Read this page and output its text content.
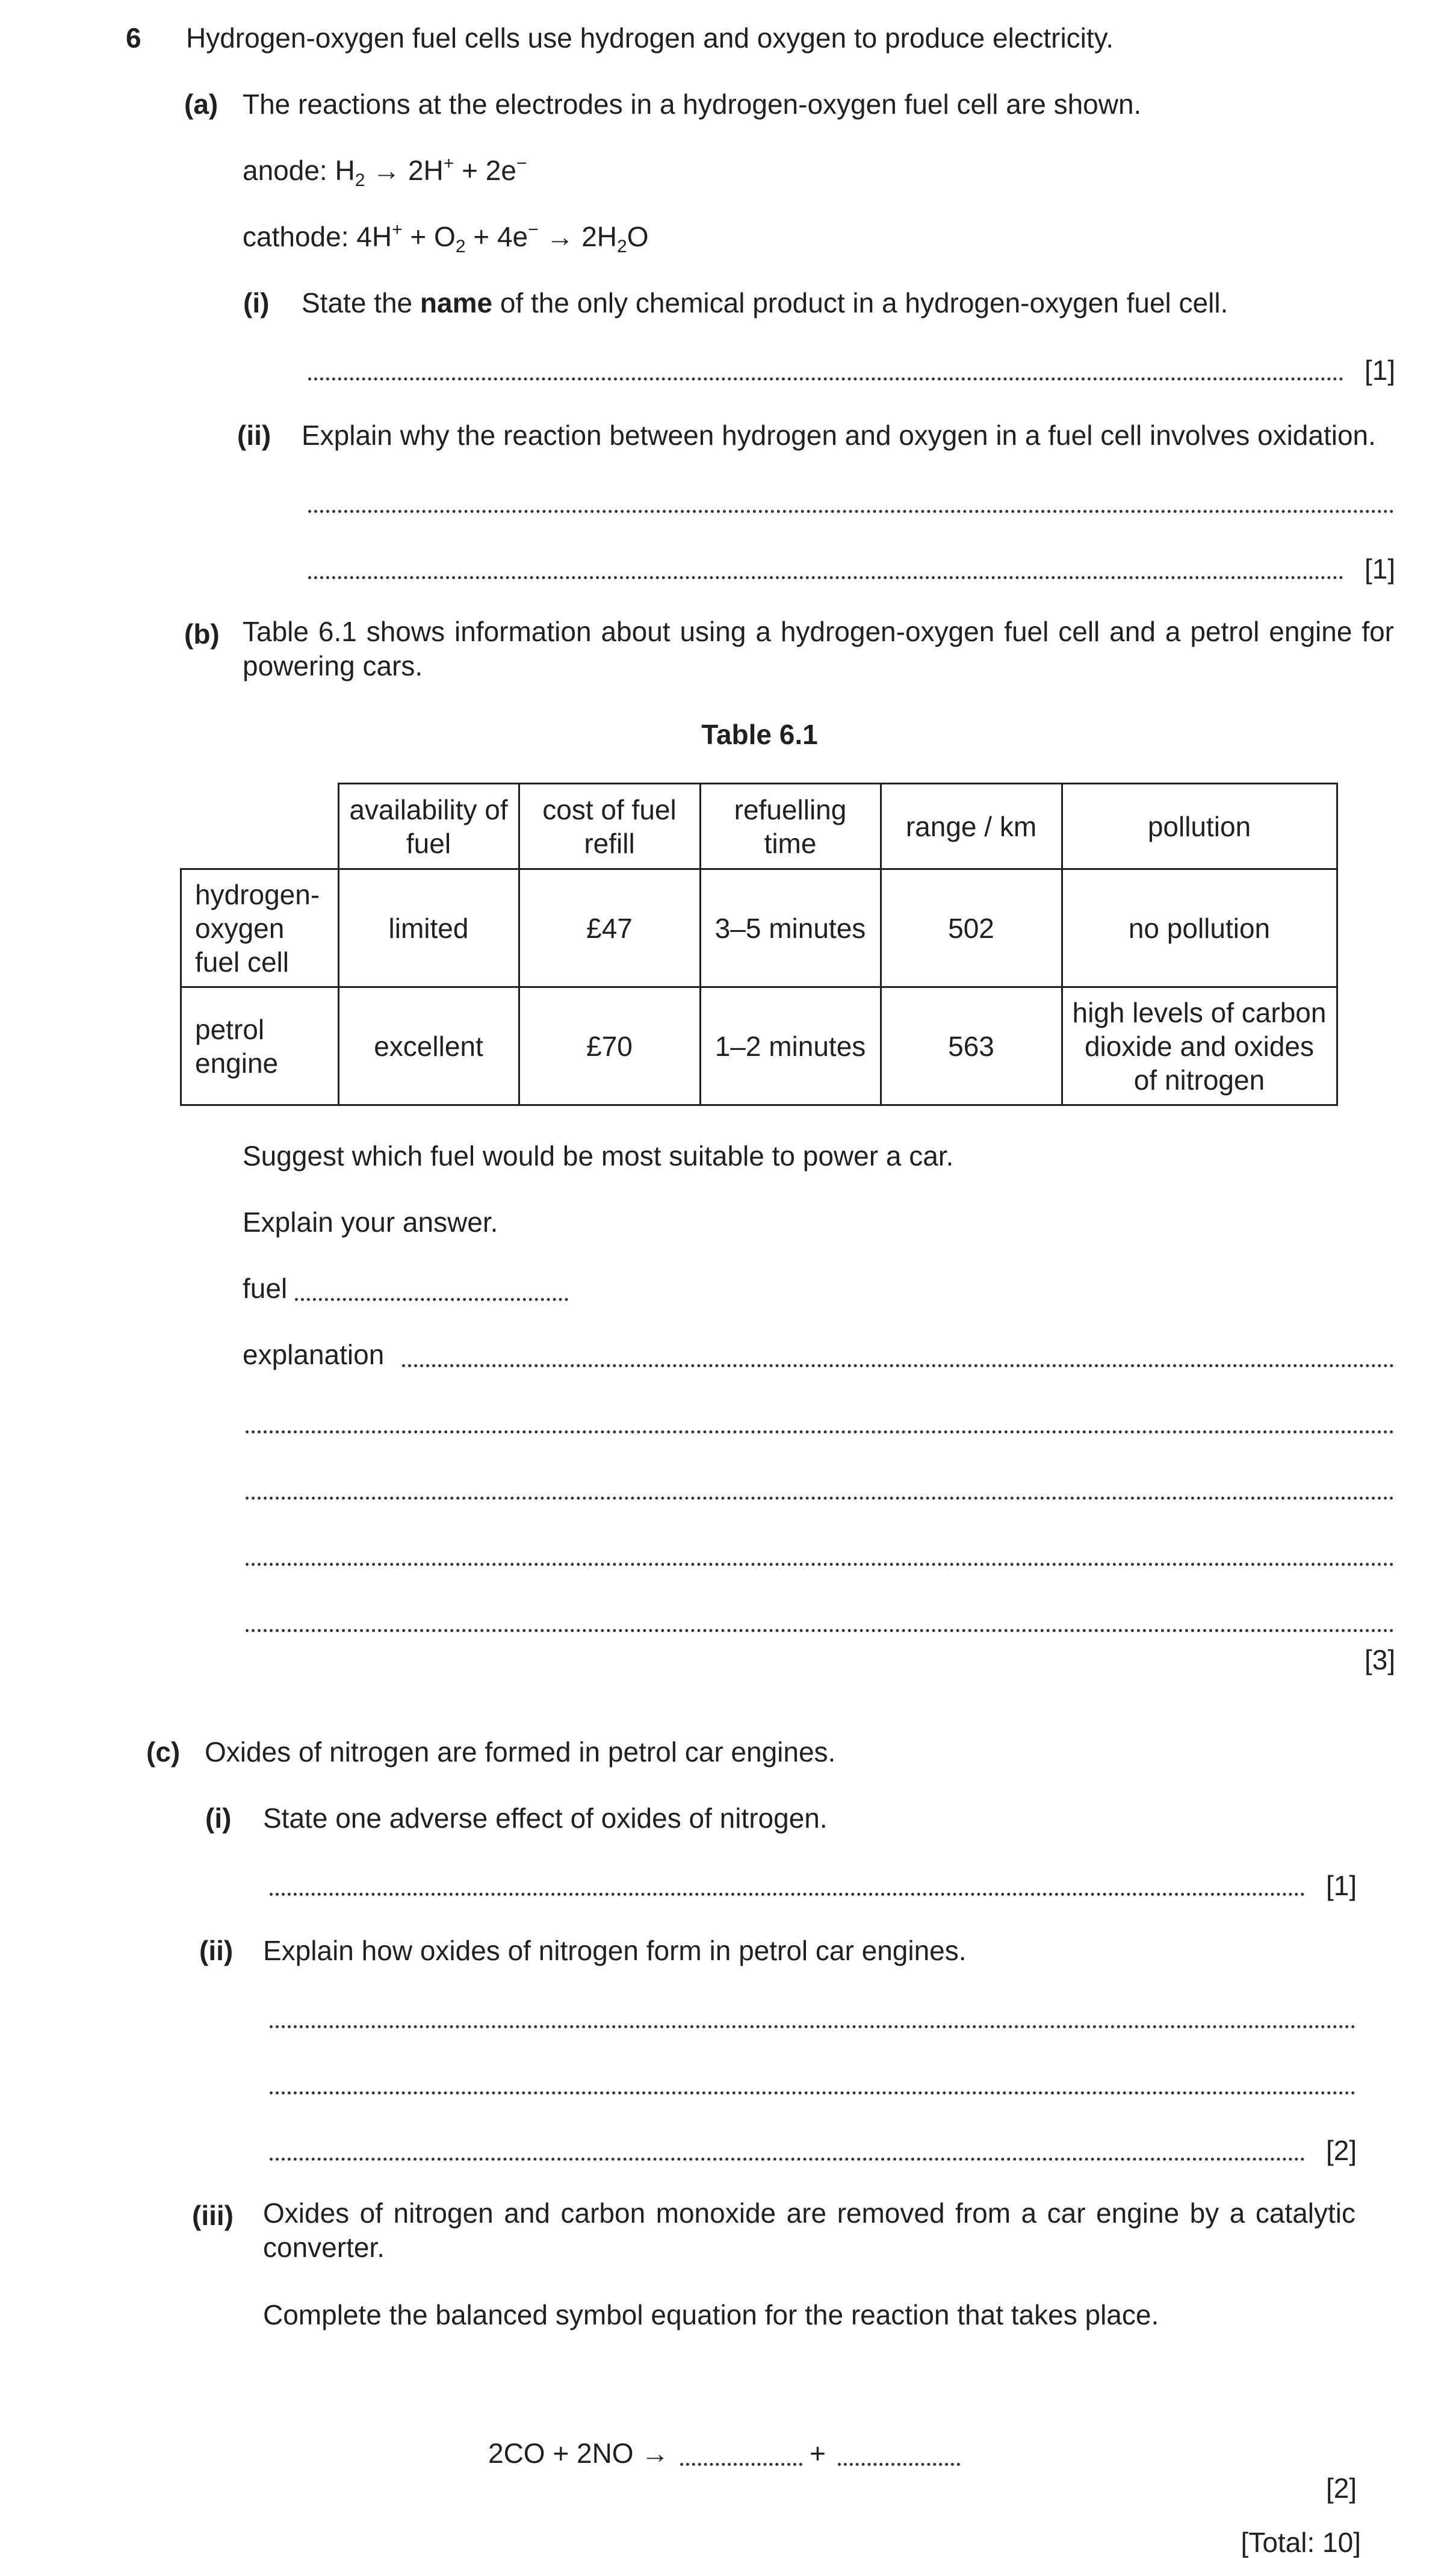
6 Hydrogen-oxygen fuel cells use hydrogen and oxygen to produce electricity.
(a) The reactions at the electrodes in a hydrogen-oxygen fuel cell are shown.
anode: $H_2 \to 2H^+ + 2e^-$
cathode: $4H^+ + O_2 + 4e^- \to 2H_2O$
(i) State the name of the only chemical product in a hydrogen-oxygen fuel cell.
[1]
(ii) Explain why the reaction between hydrogen and oxygen in a fuel cell involves oxidation.
[1]
(b) Table 6.1 shows information about using a hydrogen-oxygen fuel cell and a petrol engine for powering cars.
Table 6.1
	availability of fuel	cost of fuel refill	refuelling time	range / km	pollution
hydrogen-oxygen fuel cell	limited	£47	3–5 minutes	502	no pollution
petrol engine	excellent	£70	1–2 minutes	563	high levels of carbon dioxide and oxides of nitrogen
Suggest which fuel would be most suitable to power a car.
Explain your answer.
fuel
explanation
[3]
(c) Oxides of nitrogen are formed in petrol car engines.
(i) State one adverse effect of oxides of nitrogen.
[1]
(ii) Explain how oxides of nitrogen form in petrol car engines.
[2]
(iii) Oxides of nitrogen and carbon monoxide are removed from a car engine by a catalytic converter.
Complete the balanced symbol equation for the reaction that takes place.
2CO + 2NO →	+
[2]
[Total: 10]
